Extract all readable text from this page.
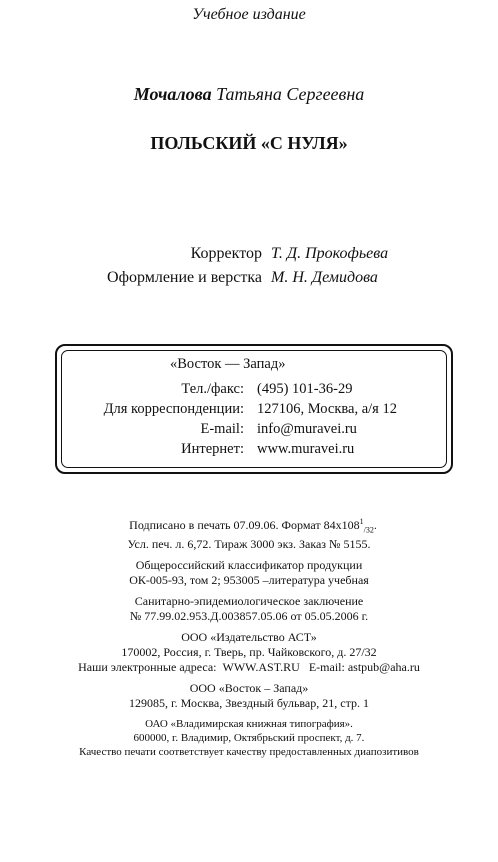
Учебное издание
Мочалова Татьяна Сергеевна
ПОЛЬСКИЙ «С НУЛЯ»
Корректор Т. Д. Прокофьева
Оформление и верстка М. Н. Демидова
«Восток — Запад»
Тел./факс: (495) 101-36-29
Для корреспонденции: 127106, Москва, а/я 12
E-mail: info@muravei.ru
Интернет: www.muravei.ru
Подписано в печать 07.09.06. Формат $84х108^1_{/32}$.
Усл. печ. л. 6,72. Тираж 3000 экз. Заказ № 5155.
Общероссийский классификатор продукции
ОК-005-93, том 2; 953005 –литература учебная
Санитарно-эпидемиологическое заключение
№ 77.99.02.953.Д.003857.05.06 от 05.05.2006 г.
ООО «Издательство АСТ»
170002, Россия, г. Тверь, пр. Чайковского, д. 27/32
Наши электронные адреса:  WWW.AST.RU   E-mail: astpub@aha.ru
ООО «Восток – Запад»
129085, г. Москва, Звездный бульвар, 21, стр. 1
ОАО «Владимирская книжная типография».
600000, г. Владимир, Октябрьский проспект, д. 7.
Качество печати соответствует качеству предоставленных диапозитивов
